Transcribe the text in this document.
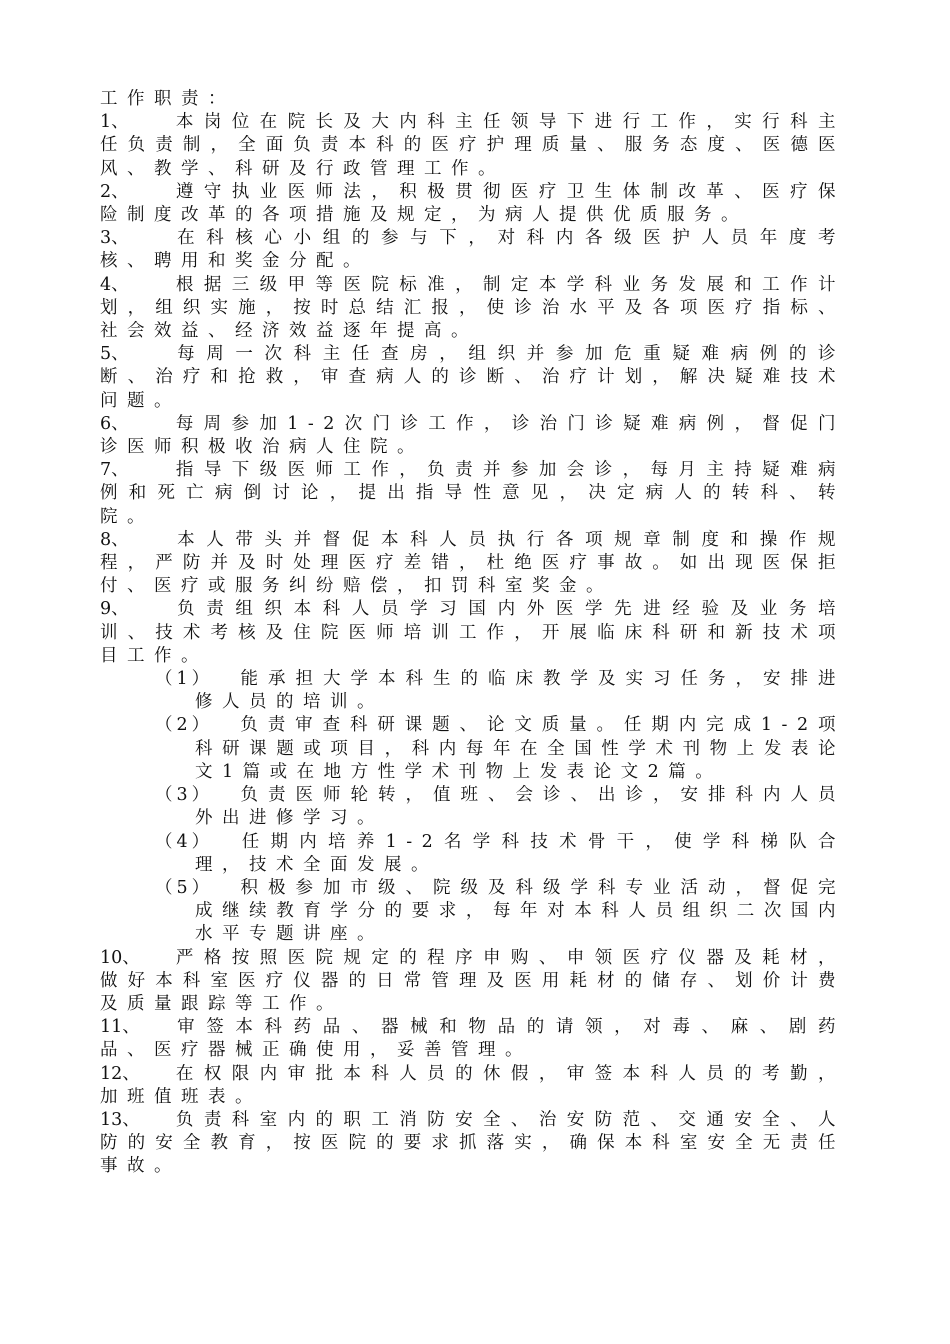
工作职责：

1、	本岗位在院长及大内科主任领导下进行工作，实行科主任负责制，全面负责本科的医疗护理质量、服务态度、医德医风、教学、科研及行政管理工作。

2、	遵守执业医师法，积极贯彻医疗卫生体制改革、医疗保险制度改革的各项措施及规定，为病人提供优质服务。

3、	在科核心小组的参与下，对科内各级医护人员年度考核、聘用和奖金分配。

4、	根据三级甲等医院标准，制定本学科业务发展和工作计划，组织实施，按时总结汇报，使诊治水平及各项医疗指标、社会效益、经济效益逐年提高。

5、	每周一次科主任查房，组织并参加危重疑难病例的诊断、治疗和抢救，审查病人的诊断、治疗计划，解决疑难技术问题。

6、	每周参加1-2次门诊工作，诊治门诊疑难病例，督促门诊医师积极收治病人住院。

7、	指导下级医师工作，负责并参加会诊，每月主持疑难病例和死亡病倒讨论，提出指导性意见，决定病人的转科、转院。

8、	本人带头并督促本科人员执行各项规章制度和操作规程，严防并及时处理医疗差错，杜绝医疗事故。如出现医保拒付、医疗或服务纠纷赔偿，扣罚科室奖金。

9、	负责组织本科人员学习国内外医学先进经验及业务培训、技术考核及住院医师培训工作，开展临床科研和新技术项目工作。

（1） 能承担大学本科生的临床教学及实习任务，安排进修人员的培训。

（2） 负责审查科研课题、论文质量。任期内完成1-2项科研课题或项目，科内每年在全国性学术刊物上发表论文1篇或在地方性学术刊物上发表论文2篇。

（3） 负责医师轮转，值班、会诊、出诊，安排科内人员外出进修学习。

（4） 任期内培养1-2名学科技术骨干，使学科梯队合理，技术全面发展。

（5） 积极参加市级、院级及科级学科专业活动，督促完成继续教育学分的要求，每年对本科人员组织二次国内水平专题讲座。

10、 严格按照医院规定的程序申购、申领医疗仪器及耗材，做好本科室医疗仪器的日常管理及医用耗材的储存、划价计费及质量跟踪等工作。

11、 审签本科药品、器械和物品的请领，对毒、麻、剧药品、医疗器械正确使用，妥善管理。

12、 在权限内审批本科人员的休假，审签本科人员的考勤，加班值班表。

13、 负责科室内的职工消防安全、治安防范、交通安全、人防的安全教育，按医院的要求抓落实，确保本科室安全无责任事故。
